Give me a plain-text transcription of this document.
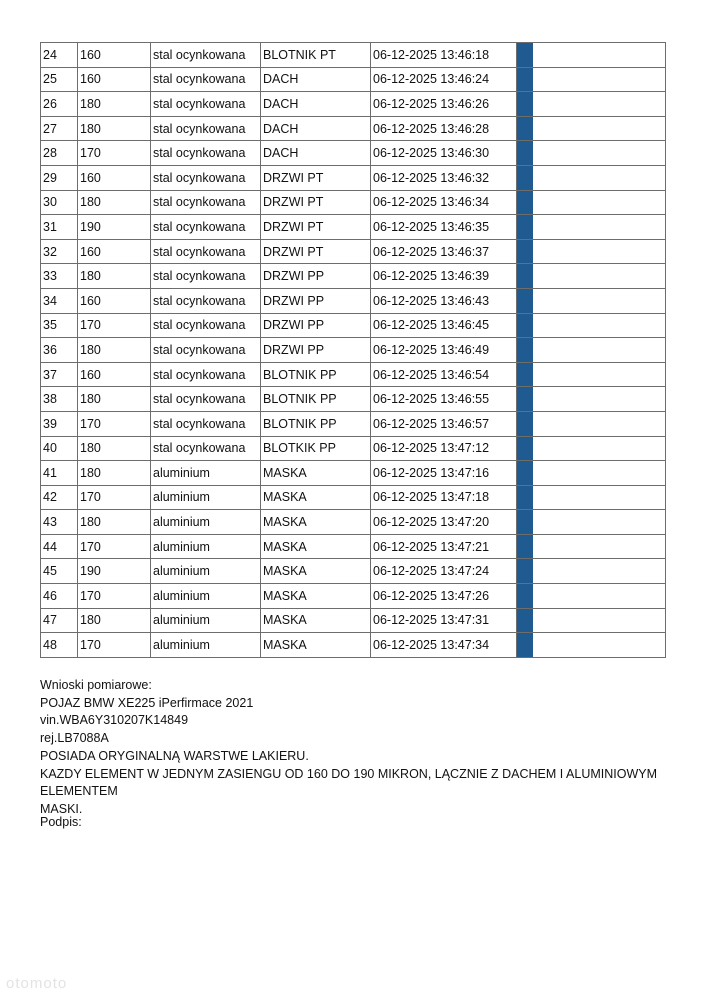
24	160	stal ocynkowana	BLOTNIK PT	06-12-2025 13:46:18	

25	160	stal ocynkowana	DACH	06-12-2025 13:46:24	

26	180	stal ocynkowana	DACH	06-12-2025 13:46:26	

27	180	stal ocynkowana	DACH	06-12-2025 13:46:28	

28	170	stal ocynkowana	DACH	06-12-2025 13:46:30	

29	160	stal ocynkowana	DRZWI PT	06-12-2025 13:46:32	

30	180	stal ocynkowana	DRZWI PT	06-12-2025 13:46:34	

31	190	stal ocynkowana	DRZWI PT	06-12-2025 13:46:35	

32	160	stal ocynkowana	DRZWI PT	06-12-2025 13:46:37	

33	180	stal ocynkowana	DRZWI PP	06-12-2025 13:46:39	

34	160	stal ocynkowana	DRZWI PP	06-12-2025 13:46:43	

35	170	stal ocynkowana	DRZWI PP	06-12-2025 13:46:45	

36	180	stal ocynkowana	DRZWI PP	06-12-2025 13:46:49	

37	160	stal ocynkowana	BLOTNIK PP	06-12-2025 13:46:54	

38	180	stal ocynkowana	BLOTNIK PP	06-12-2025 13:46:55	

39	170	stal ocynkowana	BLOTNIK PP	06-12-2025 13:46:57	

40	180	stal ocynkowana	BLOTKIK PP	06-12-2025 13:47:12	

41	180	aluminium	MASKA	06-12-2025 13:47:16	

42	170	aluminium	MASKA	06-12-2025 13:47:18	

43	180	aluminium	MASKA	06-12-2025 13:47:20	

44	170	aluminium	MASKA	06-12-2025 13:47:21	

45	190	aluminium	MASKA	06-12-2025 13:47:24	

46	170	aluminium	MASKA	06-12-2025 13:47:26	

47	180	aluminium	MASKA	06-12-2025 13:47:31	

48	170	aluminium	MASKA	06-12-2025 13:47:34	

Wnioski pomiarowe:

POJAZ BMW XE225 iPerfirmace 2021

vin.WBA6Y310207K14849

rej.LB7088A

POSIADA ORYGINALNĄ WARSTWE LAKIERU.

KAZDY ELEMENT W JEDNYM ZASIENGU OD 160 DO 190 MIKRON, LĄCZNIE Z DACHEM I ALUMINIOWYM ELEMENTEM

MASKI.

Podpis:
otomoto
